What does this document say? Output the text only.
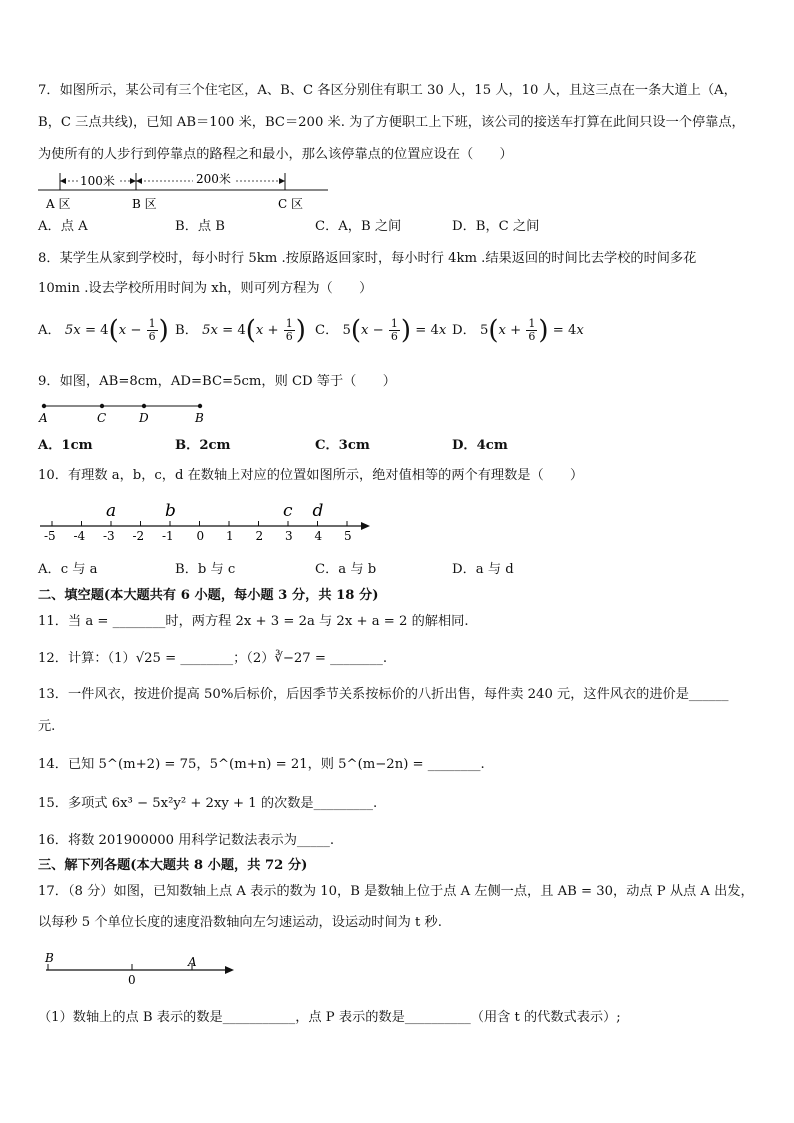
7．如图所示，某公司有三个住宅区，A、B、C 各区分别住有职工 30 人，15 人，10 人，且这三点在一条大道上（A，
B，C 三点共线)，已知 AB＝100 米，BC＝200 米. 为了方便职工上下班，该公司的接送车打算在此间只设一个停靠点，
为使所有的人步行到停靠点的路程之和最小，那么该停靠点的位置应设在（　　）
100米	200米
A 区	B 区	C 区
A．点 A	B．点 B	C．A，B 之间	D．B，C 之间
8．某学生从家到学校时，每小时行 5km .按原路返回家时，每小时行 4km .结果返回的时间比去学校的时间多花
10min .设去学校所用时间为 xh，则可列方程为（　　）
A． $5x = 4(x - \frac{1}{6}$ ) B． $5x = 4(x + \frac{1}{6}$ ) C． $5(x - \frac{1}{6}$ ) = 4x D． $5(x + \frac{1}{6}$ ) = 4x
9．如图，AB=8cm，AD=BC=5cm，则 CD 等于（　　）
A	C	D	B
A．1cm	B．2cm	C．3cm	D．4cm
10．有理数 a，b，c，d 在数轴上对应的位置如图所示，绝对值相等的两个有理数是（　　）
-5 -4 -3 -2 -1 0 1 2 3 4 5
a	b	c d
A．c 与 a	B．b 与 c	C．a 与 b	D．a 与 d
二、填空题(本大题共有 6 小题，每小题 3 分，共 18 分)
11．当 a = ________时，两方程 2x + 3 = 2a 与 2x + a = 2 的解相同.
12．计算：（1）√25 = ________；（2）∛−27 = ________.
13．一件风衣，按进价提高 50%后标价，后因季节关系按标价的八折出售，每件卖 240 元，这件风衣的进价是______
元.
14．已知 5^(m+2) = 75，5^(m+n) = 21，则 5^(m−2n) = ________.
15．多项式 6x³ − 5x²y² + 2xy + 1 的次数是_________.
16．将数 201900000 用科学记数法表示为_____.
三、解下列各题(本大题共 8 小题，共 72 分)
17．（8 分）如图，已知数轴上点 A 表示的数为 10，B 是数轴上位于点 A 左侧一点，且 AB = 30，动点 P 从点 A 出发，
以每秒 5 个单位长度的速度沿数轴向左匀速运动，设运动时间为 t 秒.
B
0
A
（1）数轴上的点 B 表示的数是___________，点 P 表示的数是__________（用含 t 的代数式表示）;
